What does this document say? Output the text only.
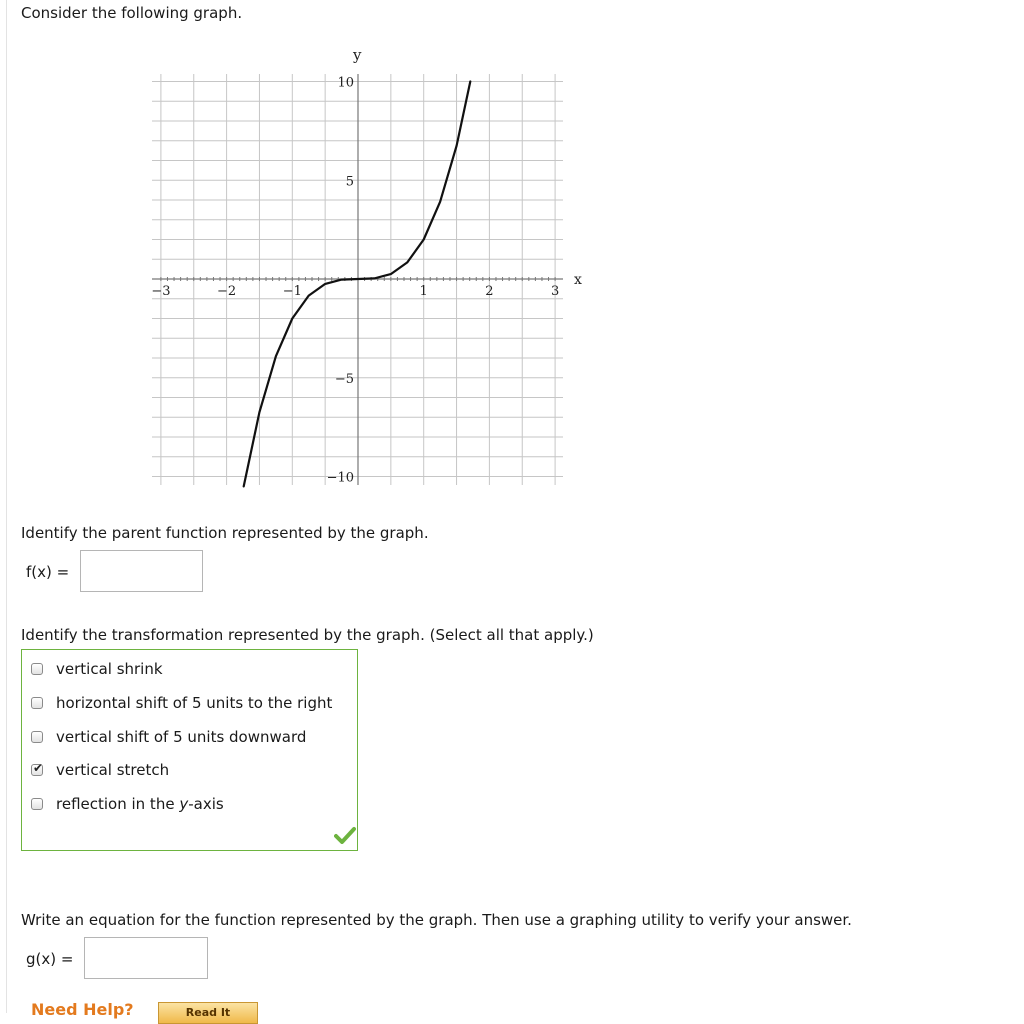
Consider the following graph.
y
x
−3	−2	−1	1	2	3
10
5
−5
−10
Identify the parent function represented by the graph.
f(x) =
Identify the transformation represented by the graph. (Select all that apply.)
vertical shrink
horizontal shift of 5 units to the right
vertical shift of 5 units downward
✔ vertical stretch
reflection in the y-axis
Write an equation for the function represented by the graph. Then use a graphing utility to verify your answer.
g(x) =
Need Help?	Read It
